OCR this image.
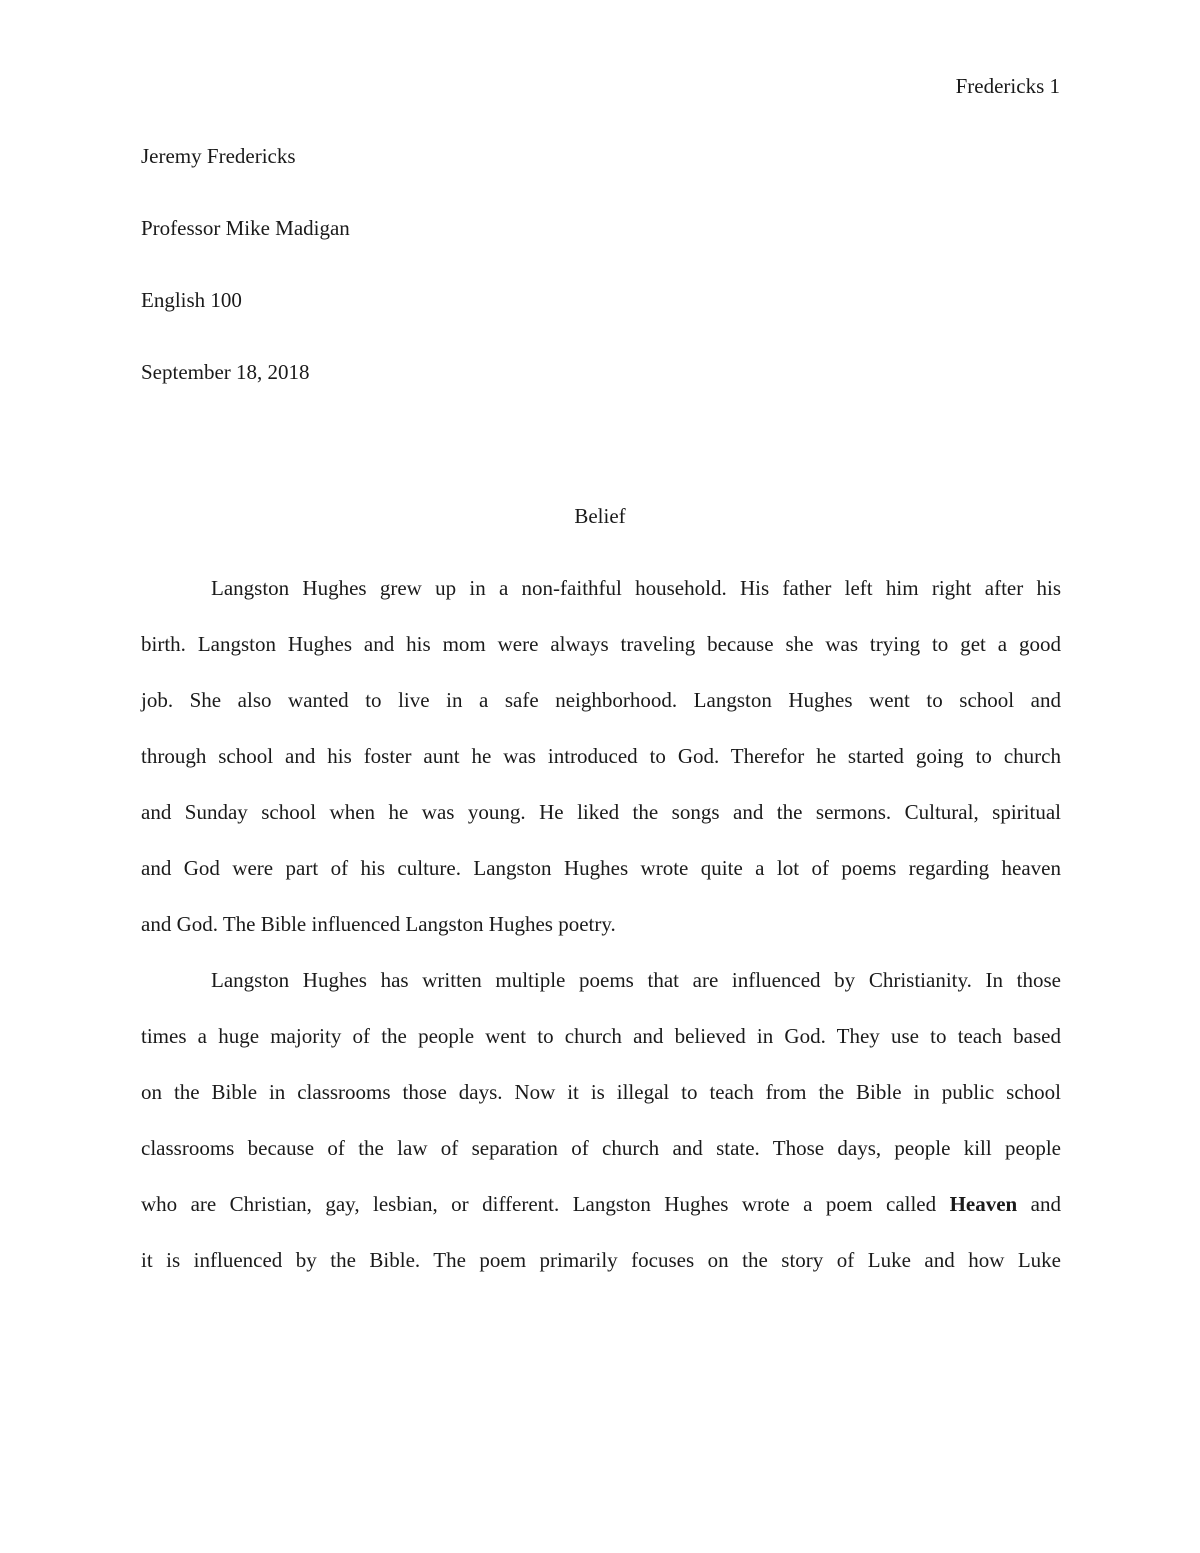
Fredericks 1
Jeremy Fredericks
Professor Mike Madigan
English 100
September 18, 2018
Belief
Langston Hughes grew up in a non-faithful household. His father left him right after his
birth. Langston Hughes and his mom were always traveling because she was trying to get a good
job. She also wanted to live in a safe neighborhood. Langston Hughes went to school and
through school and his foster aunt he was introduced to God. Therefor he started going to church
and Sunday school when he was young. He liked the songs and the sermons. Cultural, spiritual
and God were part of his culture. Langston Hughes wrote quite a lot of poems regarding heaven
and God. The Bible influenced Langston Hughes poetry.
Langston Hughes has written multiple poems that are influenced by Christianity. In those
times a huge majority of the people went to church and believed in God. They use to teach based
on the Bible in classrooms those days. Now it is illegal to teach from the Bible in public school
classrooms because of the law of separation of church and state. Those days, people kill people
who are Christian, gay, lesbian, or different. Langston Hughes wrote a poem called Heaven and
it is influenced by the Bible. The poem primarily focuses on the story of Luke and how Luke
